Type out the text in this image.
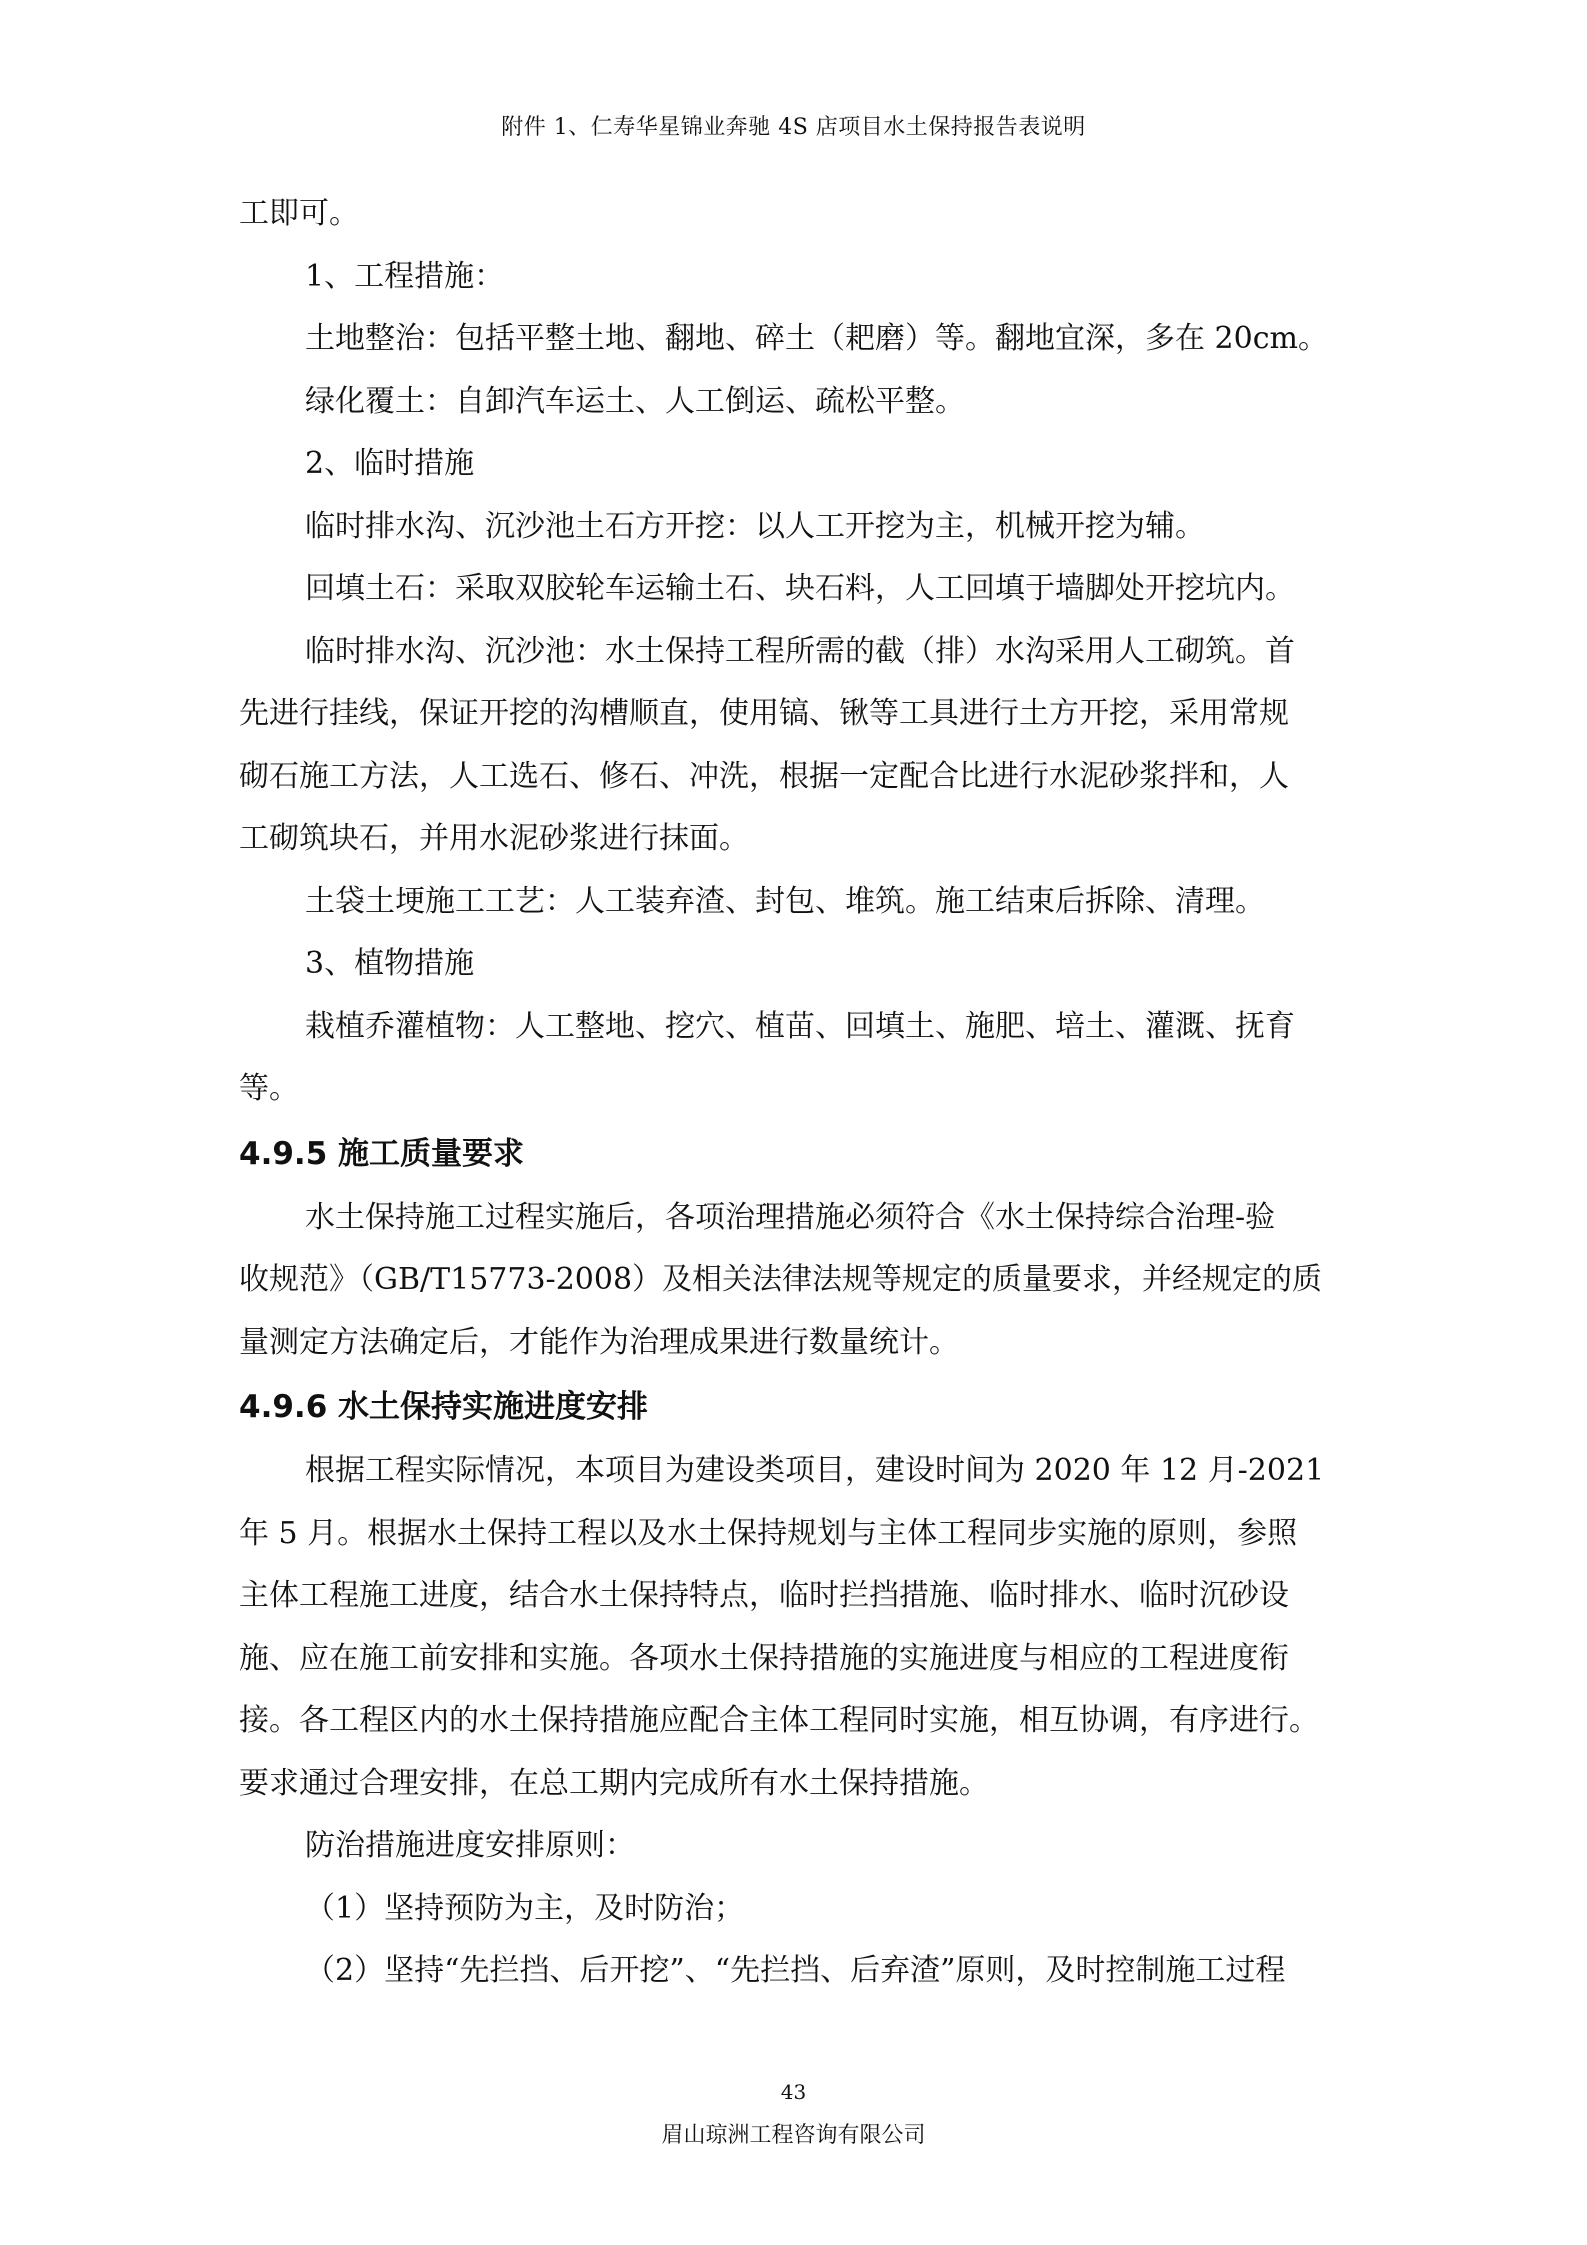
附件 1、仁寿华星锦业奔驰 4S 店项目水土保持报告表说明
工即可。
1、工程措施：
土地整治：包括平整土地、翻地、碎土（耙磨）等。翻地宜深，多在 20cm。
绿化覆土：自卸汽车运土、人工倒运、疏松平整。
2、临时措施
临时排水沟、沉沙池土石方开挖：以人工开挖为主，机械开挖为辅。
回填土石：采取双胶轮车运输土石、块石料，人工回填于墙脚处开挖坑内。
临时排水沟、沉沙池：水土保持工程所需的截（排）水沟采用人工砌筑。首
先进行挂线，保证开挖的沟槽顺直，使用镐、锹等工具进行土方开挖，采用常规
砌石施工方法，人工选石、修石、冲洗，根据一定配合比进行水泥砂浆拌和，人
工砌筑块石，并用水泥砂浆进行抹面。
土袋土埂施工工艺：人工装弃渣、封包、堆筑。施工结束后拆除、清理。
3、植物措施
栽植乔灌植物：人工整地、挖穴、植苗、回填土、施肥、培土、灌溉、抚育
等。
4.9.5 施工质量要求
水土保持施工过程实施后，各项治理措施必须符合《水土保持综合治理-验
收规范》（GB/T15773-2008）及相关法律法规等规定的质量要求，并经规定的质
量测定方法确定后，才能作为治理成果进行数量统计。
4.9.6 水土保持实施进度安排
根据工程实际情况，本项目为建设类项目，建设时间为 2020 年 12 月-2021
年 5 月。根据水土保持工程以及水土保持规划与主体工程同步实施的原则，参照
主体工程施工进度，结合水土保持特点，临时拦挡措施、临时排水、临时沉砂设
施、应在施工前安排和实施。各项水土保持措施的实施进度与相应的工程进度衔
接。各工程区内的水土保持措施应配合主体工程同时实施，相互协调，有序进行。
要求通过合理安排，在总工期内完成所有水土保持措施。
防治措施进度安排原则：
（1）坚持预防为主，及时防治；
（2）坚持“先拦挡、后开挖”、“先拦挡、后弃渣”原则，及时控制施工过程
43
眉山琼洲工程咨询有限公司
